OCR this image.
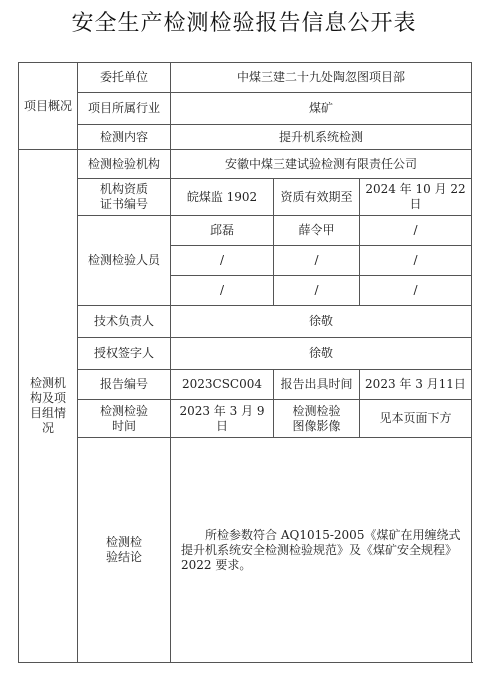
安全生产检测检验报告信息公开表
项目概况	委托单位	中煤三建二十九处陶忽图项目部		
	项目所属行业	煤矿		
	检测内容	提升机系统检测		
检测机构及项目组情况	检测检验机构	安徽中煤三建试验检测有限责任公司		
	机构资质证书编号	皖煤监 1902	资质有效期至	2024 年 10 月 22 日
	检测检验人员	邱磊	薛令甲	/
		/	/	/
		/	/	/
	技术负责人	徐敬		
	授权签字人	徐敬		
	报告编号	2023CSC004	报告出具时间	2023 年 3 月11日
	检测检验时间	2023 年 3 月 9 日	检测检验图像影像	见本页面下方
	检测检验结论	所检参数符合 AQ1015-2005《煤矿在用缠绕式提升机系统安全检测检验规范》及《煤矿安全规程》2022 要求。		
